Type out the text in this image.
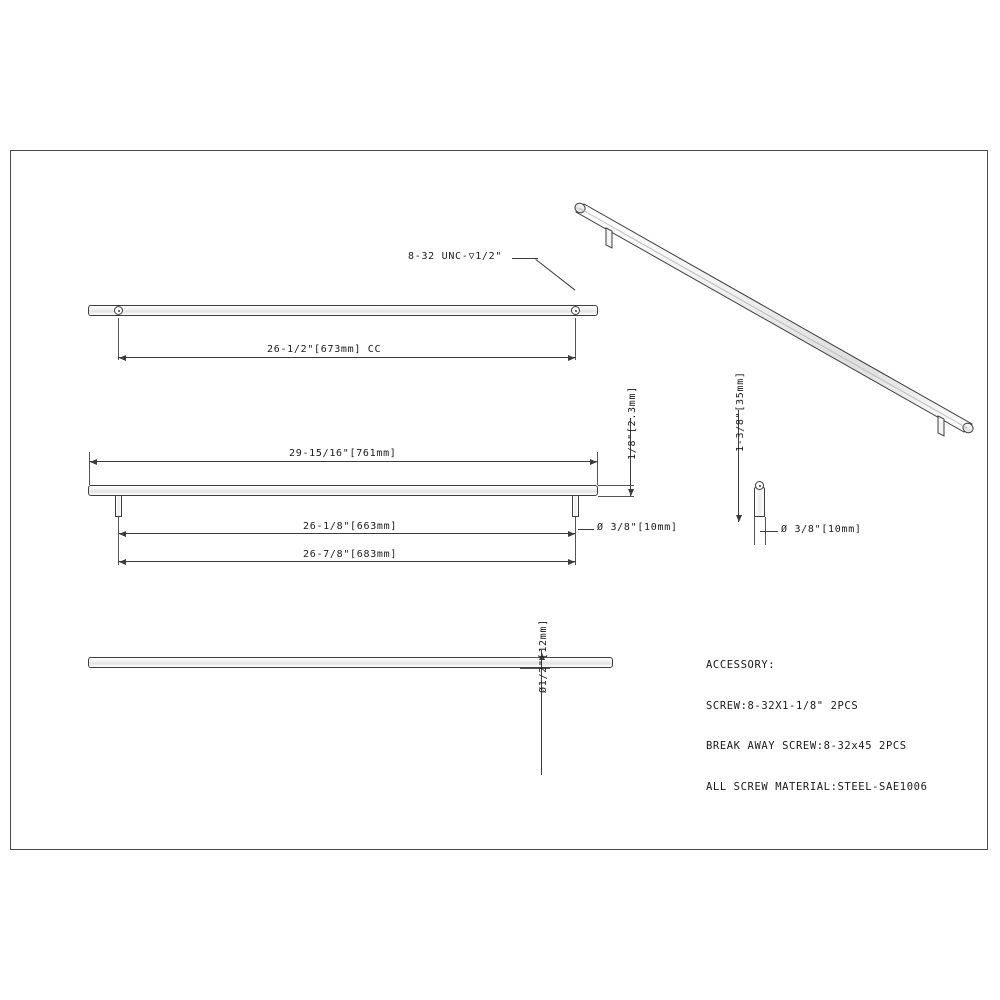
8-32 UNC-▽1/2"
26-1/2"[673mm] CC
29-15/16"[761mm]	1/8"[2.3mm]
26-1/8"[663mm]	Ø 3/8"[10mm]
26-7/8"[683mm]
1-3/8"[35mm]
Ø 3/8"[10mm]
Ø1/2"[12mm]

	ACCESSORY:

SCREW:8-32X1-1/8" 2PCS

BREAK AWAY SCREW:8-32x45 2PCS

ALL SCREW MATERIAL:STEEL-SAE1006
